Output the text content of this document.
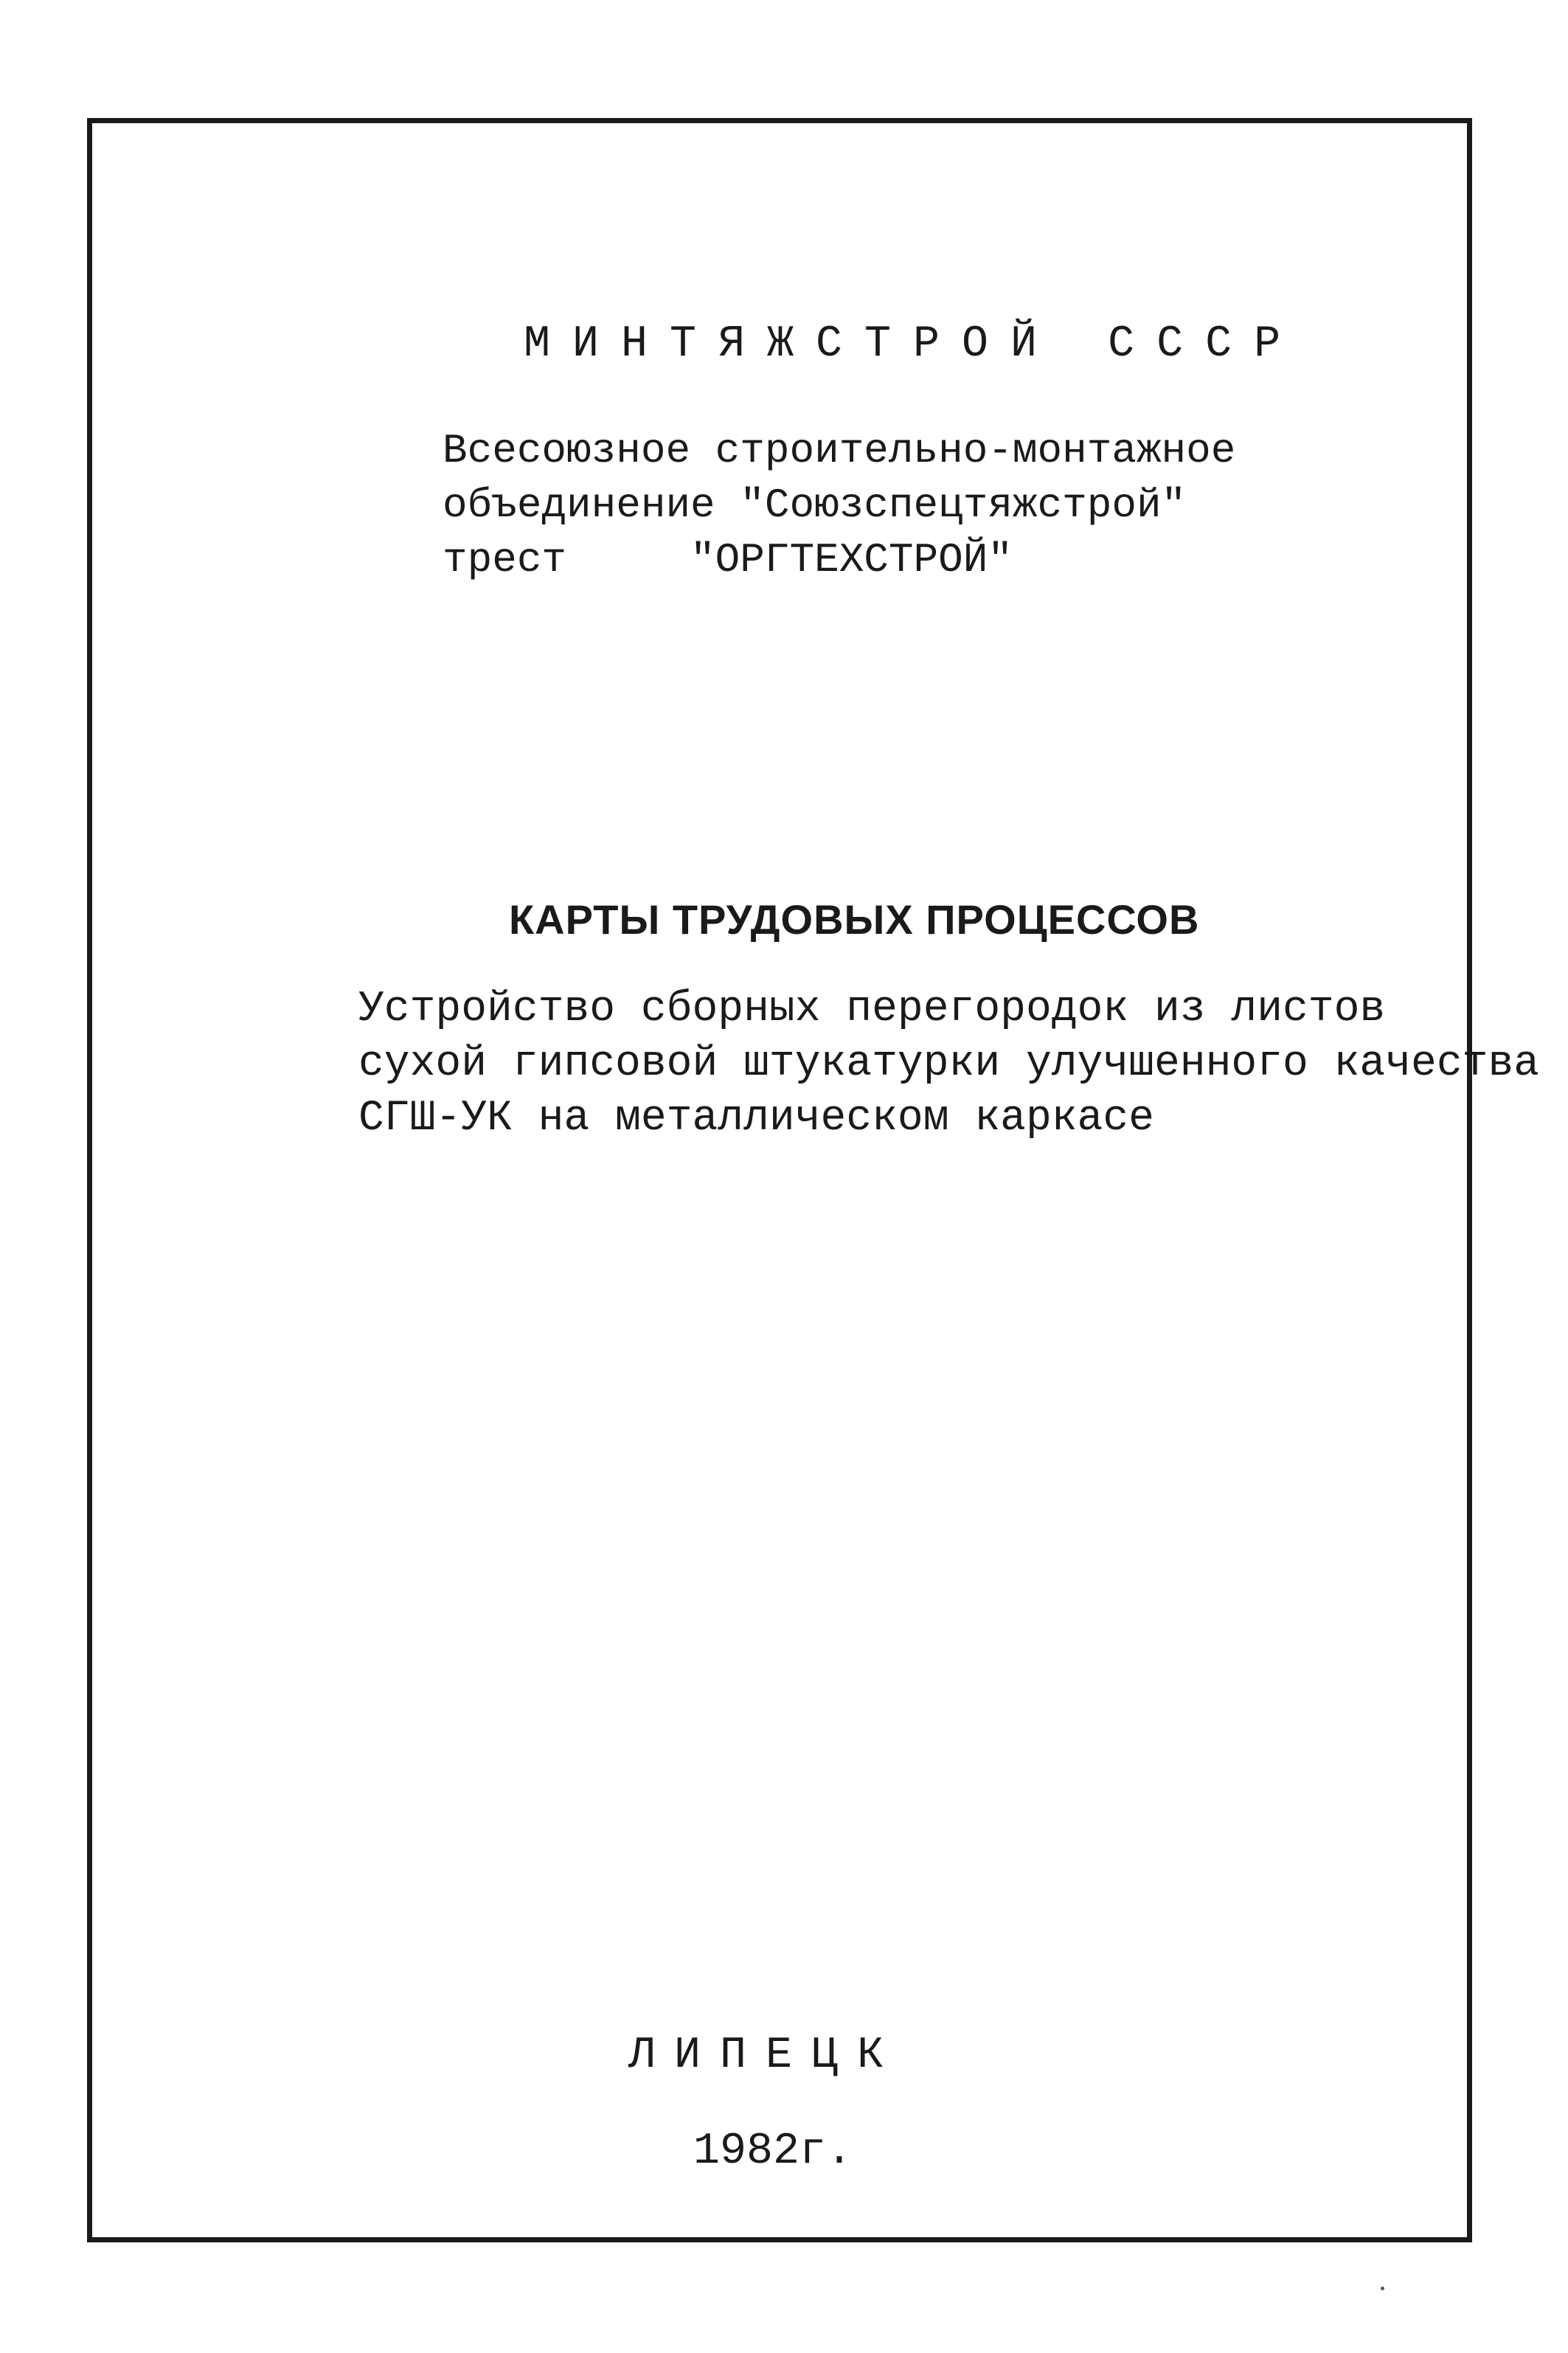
МИНТЯЖСТРОЙ СССР
Всесоюзное строительно-монтажное
объединение "Союзспецтяжстрой"
трест     "ОРГТЕХСТРОЙ"
КАРТЫ ТРУДОВЫХ ПРОЦЕССОВ
Устройство сборных перегородок из листов
сухой гипсовой штукатурки улучшенного качества
СГШ-УК на металлическом каркасе
ЛИПЕЦК
1982г.
